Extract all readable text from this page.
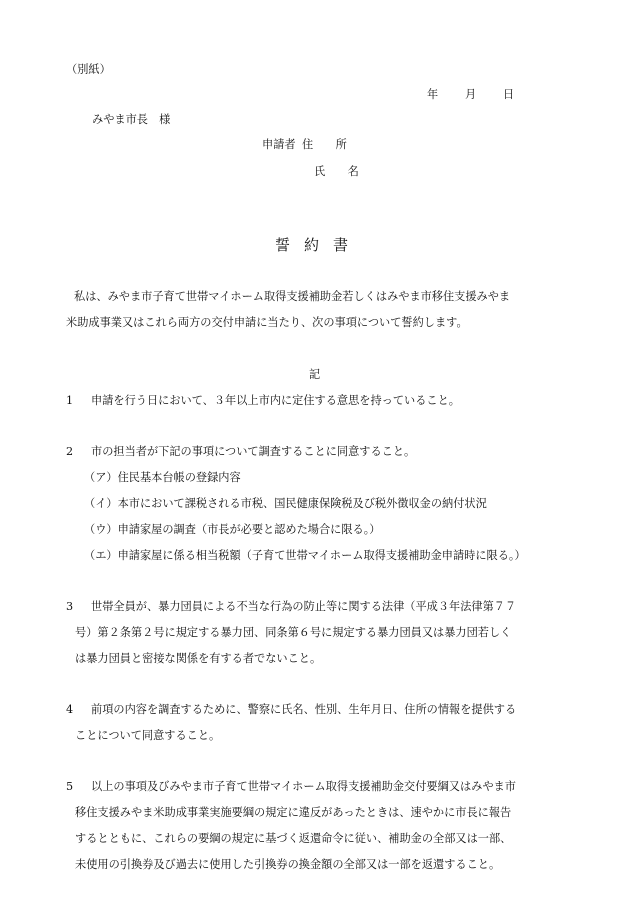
（別紙）
年 月 日
みやま市長　様
申請者 住　　所
氏　　名
誓約書
私は、みやま市子育て世帯マイホーム取得支援補助金若しくはみやま市移住支援みやま
米助成事業又はこれら両方の交付申請に当たり、次の事項について誓約します。
記
1 申請を行う日において、３年以上市内に定住する意思を持っていること。
2 市の担当者が下記の事項について調査することに同意すること。
（ア）住民基本台帳の登録内容
（イ）本市において課税される市税、国民健康保険税及び税外徴収金の納付状況
（ウ）申請家屋の調査（市長が必要と認めた場合に限る。）
（エ）申請家屋に係る相当税額（子育て世帯マイホーム取得支援補助金申請時に限る。）
3 世帯全員が、暴力団員による不当な行為の防止等に関する法律（平成３年法律第７７
号）第２条第２号に規定する暴力団、同条第６号に規定する暴力団員又は暴力団若しく
は暴力団員と密接な関係を有する者でないこと。
4 前項の内容を調査するために、警察に氏名、性別、生年月日、住所の情報を提供する
ことについて同意すること。
5 以上の事項及びみやま市子育て世帯マイホーム取得支援補助金交付要綱又はみやま市
移住支援みやま米助成事業実施要綱の規定に違反があったときは、速やかに市長に報告
するとともに、これらの要綱の規定に基づく返還命令に従い、補助金の全部又は一部、
未使用の引換券及び過去に使用した引換券の換金額の全部又は一部を返還すること。
